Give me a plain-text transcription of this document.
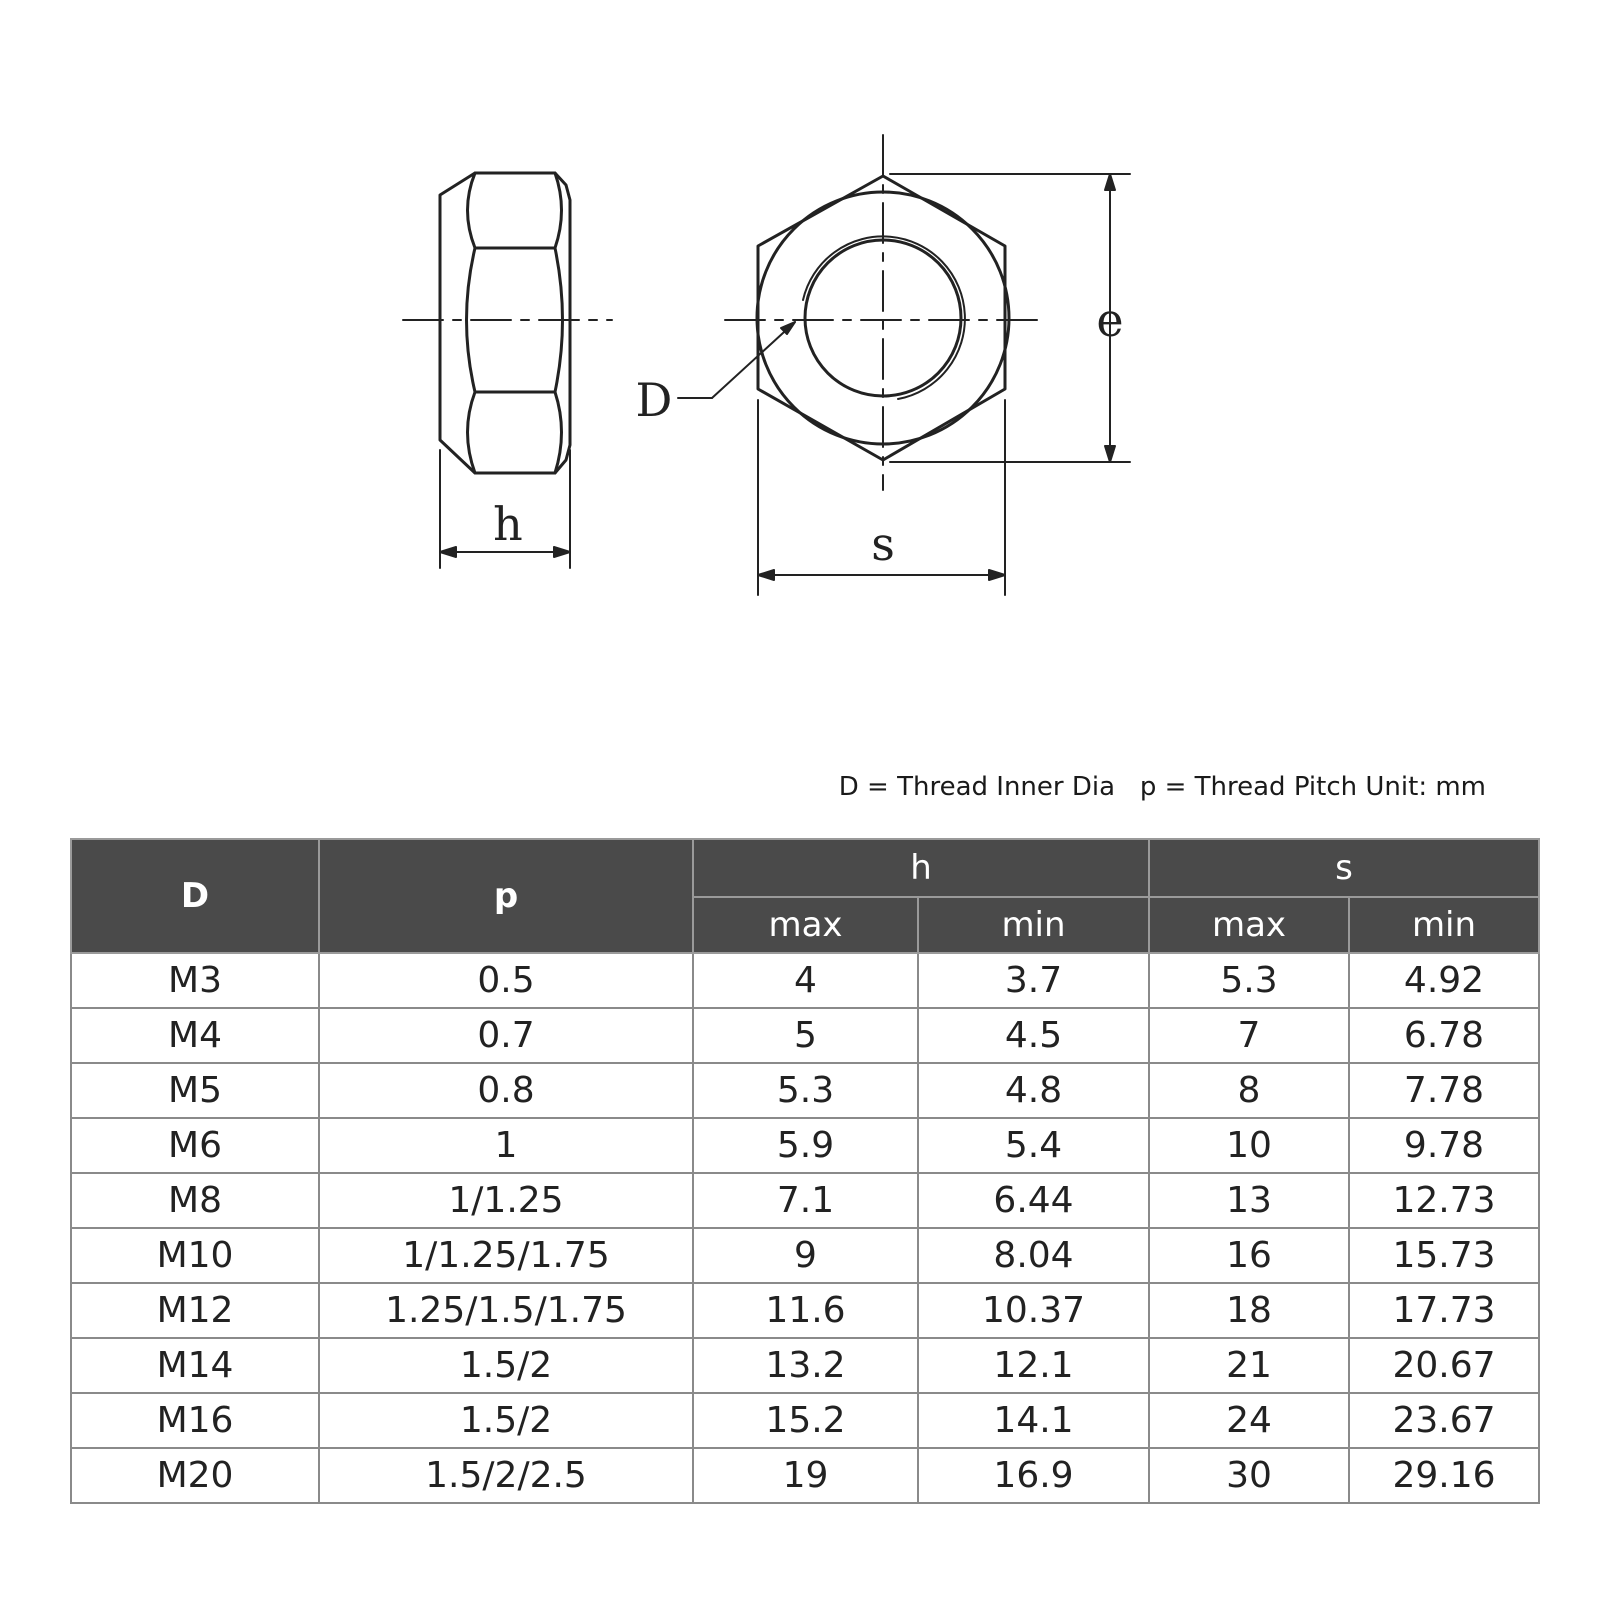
h	s
e
D
D = Thread Inner Dia p = Thread Pitch Unit: mm
D	p	h		s	
		max	min	max	min
M3	0.5	4	3.7	5.3	4.92
M4	0.7	5	4.5	7	6.78
M5	0.8	5.3	4.8	8	7.78
M6	1	5.9	5.4	10	9.78
M8	1/1.25	7.1	6.44	13	12.73
M10	1/1.25/1.75	9	8.04	16	15.73
M12	1.25/1.5/1.75	11.6	10.37	18	17.73
M14	1.5/2	13.2	12.1	21	20.67
M16	1.5/2	15.2	14.1	24	23.67
M20	1.5/2/2.5	19	16.9	30	29.16
